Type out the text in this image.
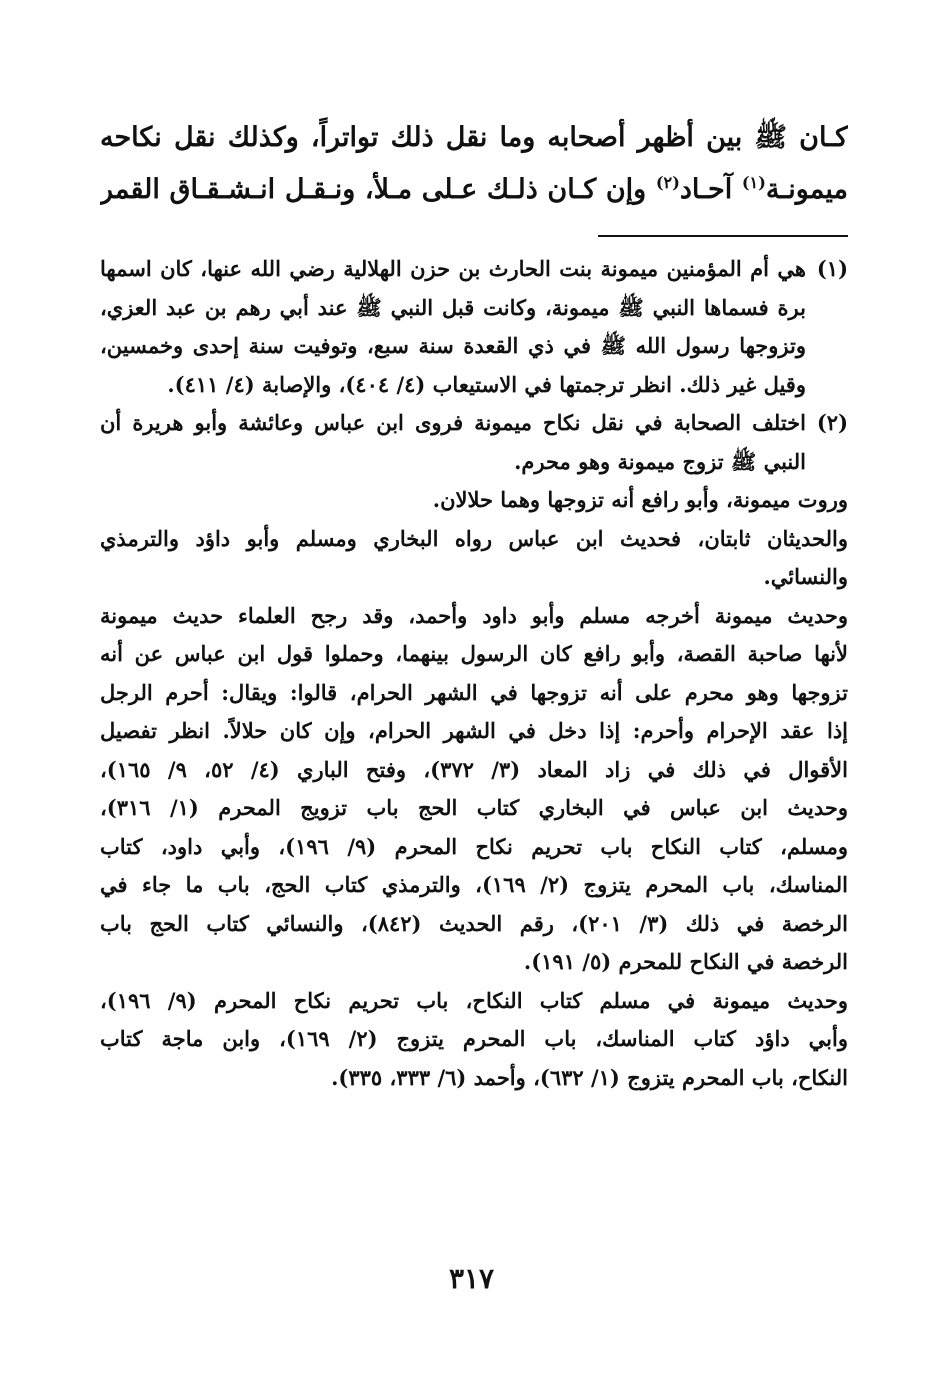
كـان ﷺ بين أظهر أصحابه وما نقل ذلك تواتراً، وكذلك نقل نكاحه
ميمونـة$^{(١)}$ آحـاد$^{(٢)}$ وإن كـان ذلـك عـلى مـلأ، ونـقـل انـشـقـاق القمر
(١)
هي أم المؤمنين ميمونة بنت الحارث بن حزن الهلالية رضي الله عنها، كان اسمها
برة فسماها النبي ﷺ ميمونة، وكانت قبل النبي ﷺ عند أبي رهم بن عبد العزي،
وتزوجها رسول الله ﷺ في ذي القعدة سنة سبع، وتوفيت سنة إحدى وخمسين،
وقيل غير ذلك. انظر ترجمتها في الاستيعاب (٤/ ٤٠٤)، والإصابة (٤/ ٤١١).
(٢)
اختلف الصحابة في نقل نكاح ميمونة فروى ابن عباس وعائشة وأبو هريرة أن
النبي ﷺ تزوج ميمونة وهو محرم.
وروت ميمونة، وأبو رافع أنه تزوجها وهما حلالان.
والحديثان ثابتان، فحديث ابن عباس رواه البخاري ومسلم وأبو داؤد والترمذي
والنسائي.
وحديث ميمونة أخرجه مسلم وأبو داود وأحمد، وقد رجح العلماء حديث ميمونة
لأنها صاحبة القصة، وأبو رافع كان الرسول بينهما، وحملوا قول ابن عباس عن أنه
تزوجها وهو محرم على أنه تزوجها في الشهر الحرام، قالوا: ويقال: أحرم الرجل
إذا عقد الإحرام وأحرم: إذا دخل في الشهر الحرام، وإن كان حلالاً. انظر تفصيل
الأقوال في ذلك في زاد المعاد (٣/ ٣٧٢)، وفتح الباري (٤/ ٥٢، ٩/ ١٦٥)،
وحديث ابن عباس في البخاري كتاب الحج باب تزويج المحرم (١/ ٣١٦)،
ومسلم، كتاب النكاح باب تحريم نكاح المحرم (٩/ ١٩٦)، وأبي داود، كتاب
المناسك، باب المحرم يتزوج (٢/ ١٦٩)، والترمذي كتاب الحج، باب ما جاء في
الرخصة في ذلك (٣/ ٢٠١)، رقم الحديث (٨٤٢)، والنسائي كتاب الحج باب
الرخصة في النكاح للمحرم (٥/ ١٩١).
وحديث ميمونة في مسلم كتاب النكاح، باب تحريم نكاح المحرم (٩/ ١٩٦)،
وأبي داؤد كتاب المناسك، باب المحرم يتزوج (٢/ ١٦٩)، وابن ماجة كتاب
النكاح، باب المحرم يتزوج (١/ ٦٣٢)، وأحمد (٦/ ٣٣٣، ٣٣٥).
٣١٧
